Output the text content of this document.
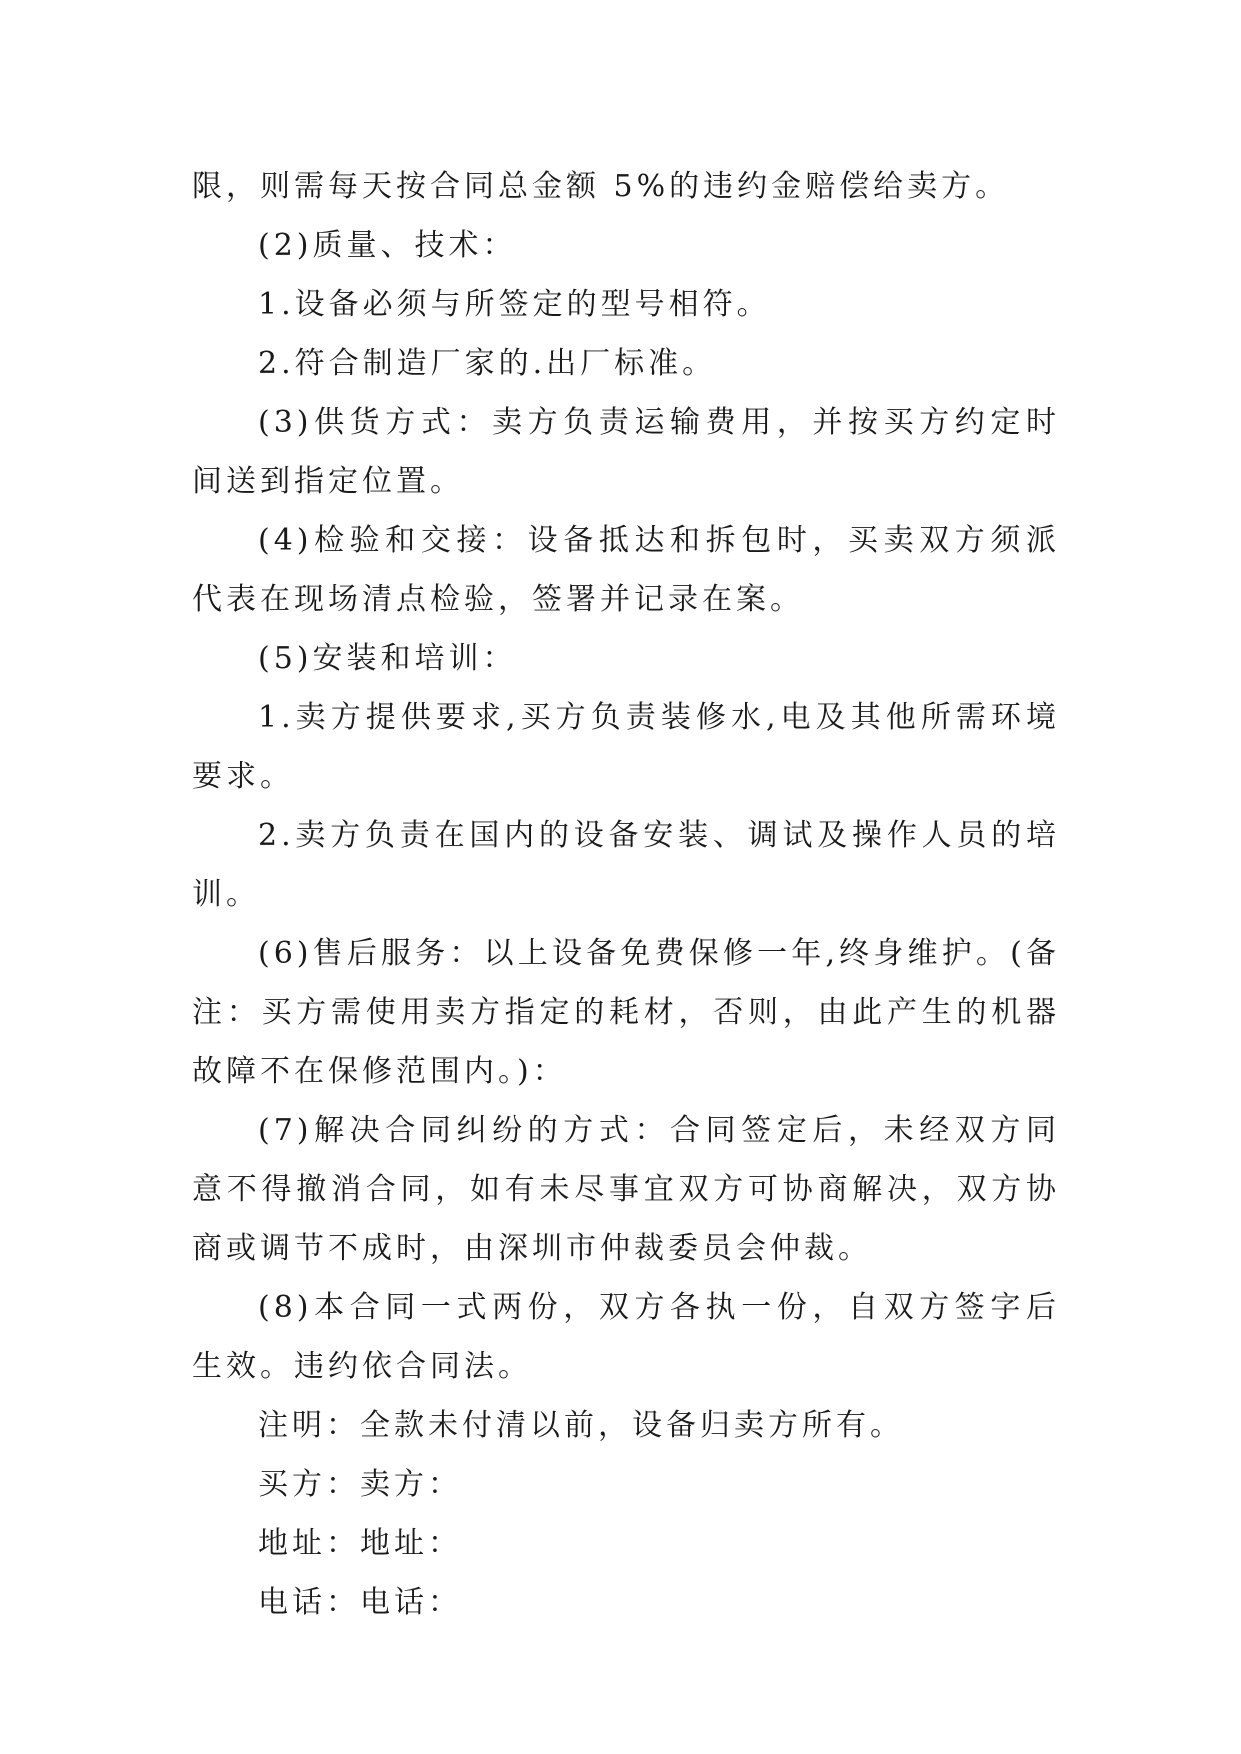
限，则需每天按合同总金额 5%的违约金赔偿给卖方。

(2)质量、技术：

1.设备必须与所签定的型号相符。

2.符合制造厂家的.出厂标准。

(3)供货方式：卖方负责运输费用，并按买方约定时间送到指定位置。

(4)检验和交接：设备抵达和拆包时，买卖双方须派代表在现场清点检验，签署并记录在案。

(5)安装和培训：

1.卖方提供要求,买方负责装修水,电及其他所需环境要求。

2.卖方负责在国内的设备安装、调试及操作人员的培训。

(6)售后服务：以上设备免费保修一年,终身维护。(备注：买方需使用卖方指定的耗材，否则，由此产生的机器故障不在保修范围内。)：

(7)解决合同纠纷的方式：合同签定后，未经双方同意不得撤消合同，如有未尽事宜双方可协商解决，双方协商或调节不成时，由深圳市仲裁委员会仲裁。

(8)本合同一式两份，双方各执一份，自双方签字后生效。违约依合同法。

注明：全款未付清以前，设备归卖方所有。

买方：卖方：

地址：地址：

电话：电话：
